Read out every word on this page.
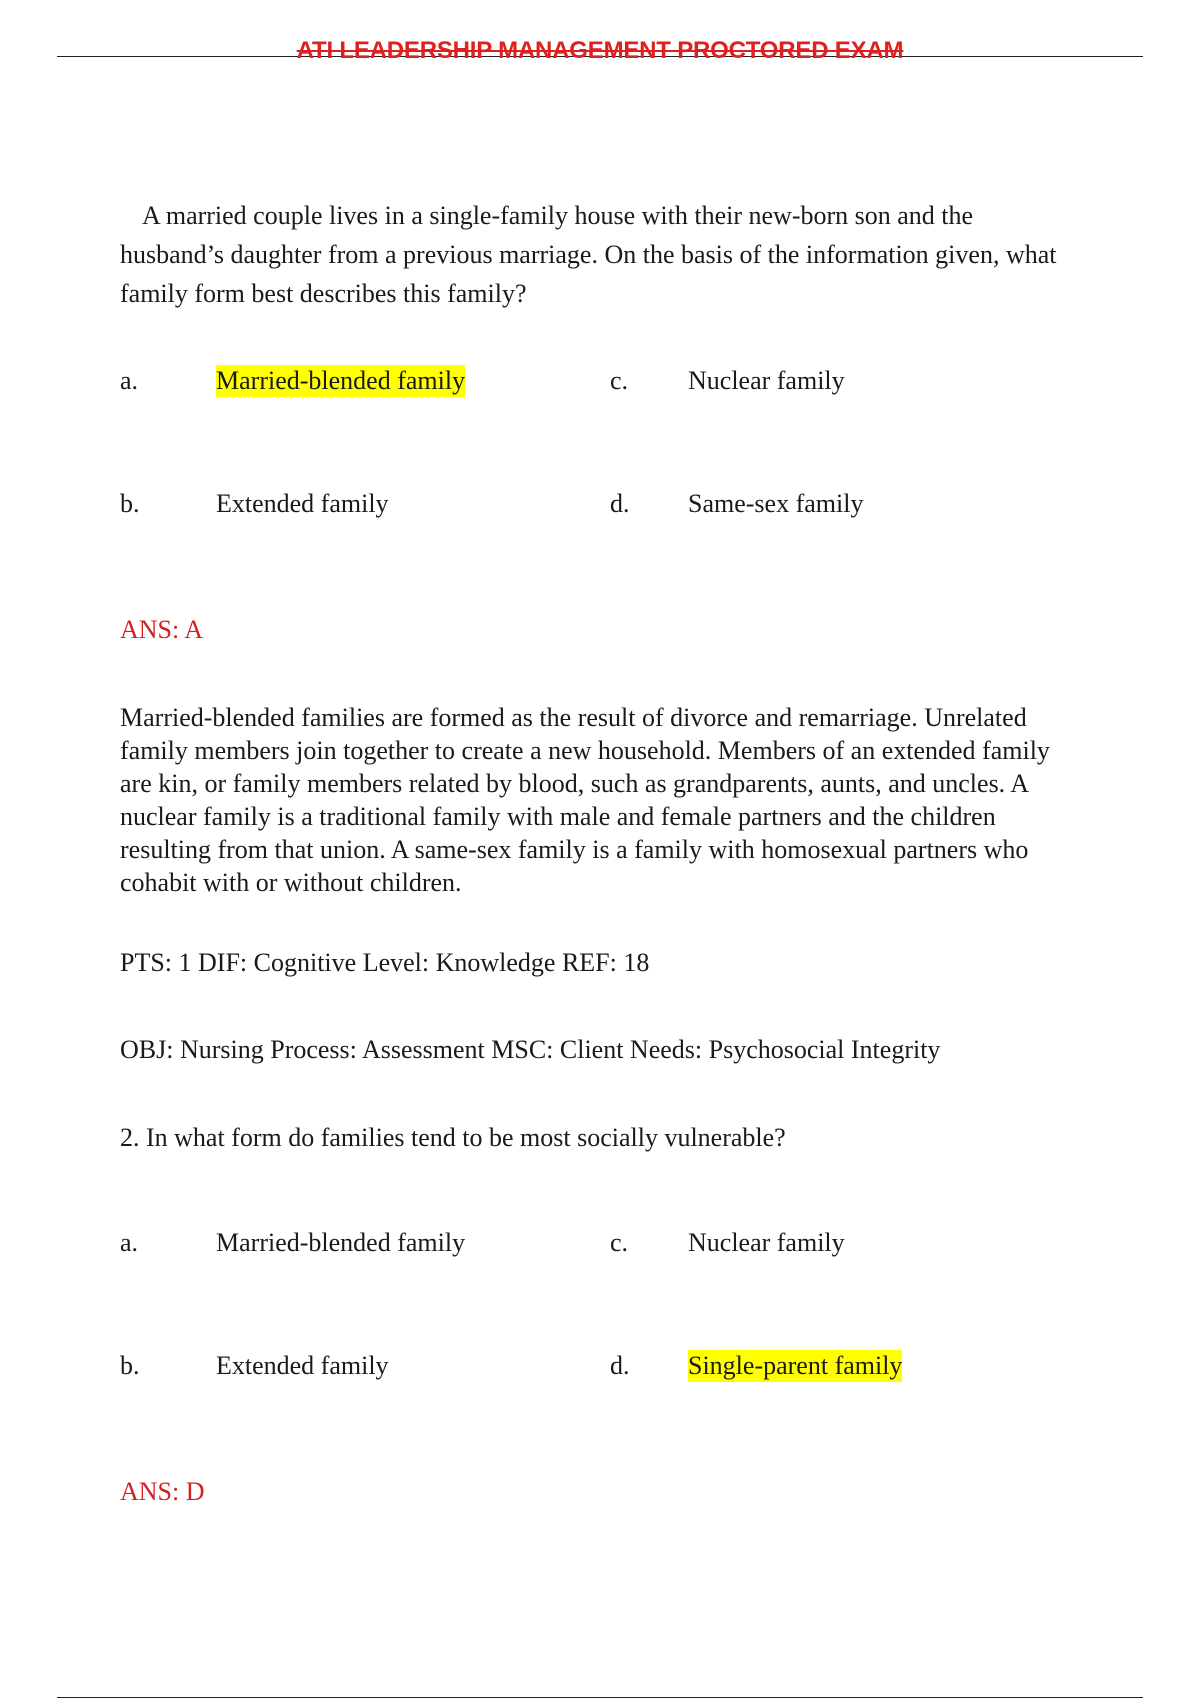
ATI LEADERSHIP MANAGEMENT PROCTORED EXAM
A married couple lives in a single-family house with their new-born son and the husband’s daughter from a previous marriage. On the basis of the information given, what family form best describes this family?
a.	Married-blended family	c. Nuclear family
b.	Extended family	d. Same-sex family
ANS: A
Married-blended families are formed as the result of divorce and remarriage. Unrelated family members join together to create a new household. Members of an extended family are kin, or family members related by blood, such as grandparents, aunts, and uncles. A nuclear family is a traditional family with male and female partners and the children resulting from that union. A same-sex family is a family with homosexual partners who cohabit with or without children.
PTS: 1 DIF: Cognitive Level: Knowledge REF: 18
OBJ: Nursing Process: Assessment MSC: Client Needs: Psychosocial Integrity
2. In what form do families tend to be most socially vulnerable?
a.	Married-blended family	c. Nuclear family
b.	Extended family	d. Single-parent family
ANS: D
